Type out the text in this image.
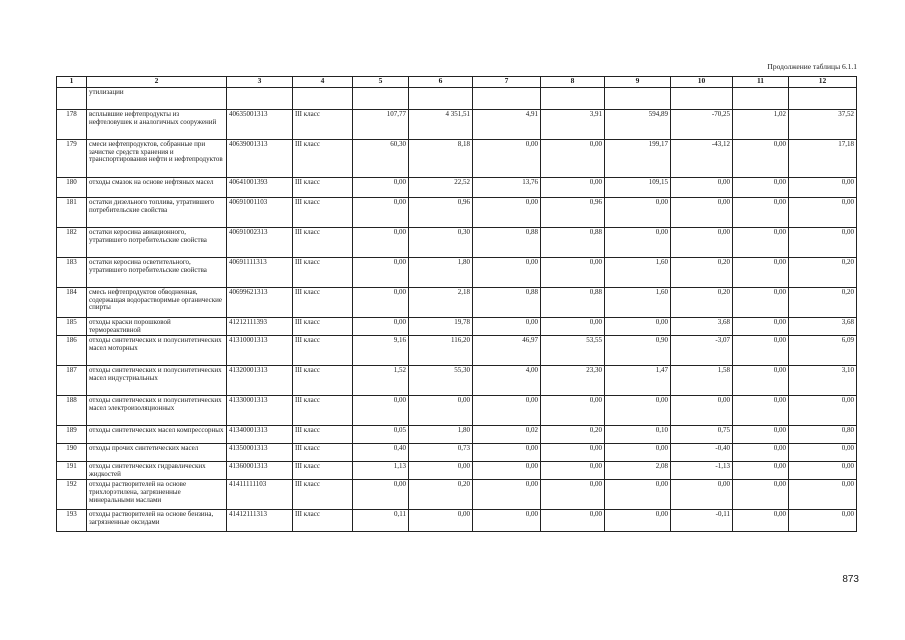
Продолжение таблицы 6.1.1
1	2	3	4	5	6	7	8	9	10	11	12
	утилизации										
178	всплывшие нефтепродукты из нефтеловушек и аналогичных сооружений	40635001313	III класс	107,77	4 351,51	4,91	3,91	594,89	-70,25	1,02	37,52
179	смеси нефтепродуктов, собранные при зачистке средств хранения и транспортирования нефти и нефтепродуктов	40639001313	III класс	60,30	8,18	0,00	0,00	199,17	-43,12	0,00	17,18
180	отходы смазок на основе нефтяных масел	40641001393	III класс	0,00	22,52	13,76	0,00	109,15	0,00	0,00	0,00
181	остатки дизельного топлива, утратившего потребительские свойства	40691001103	III класс	0,00	0,96	0,00	0,96	0,00	0,00	0,00	0,00
182	остатки керосина авиационного, утратившего потребительские свойства	40691002313	III класс	0,00	0,30	0,88	0,88	0,00	0,00	0,00	0,00
183	остатки керосина осветительного, утратившего потребительские свойства	40691111313	III класс	0,00	1,80	0,00	0,00	1,60	0,20	0,00	0,20
184	смесь нефтепродуктов обводненная, содержащая водорастворимые органические спирты	40699621313	III класс	0,00	2,18	0,88	0,88	1,60	0,20	0,00	0,20
185	отходы краски порошковой термореактивной	41212111393	III класс	0,00	19,78	0,00	0,00	0,00	3,68	0,00	3,68
186	отходы синтетических и полусинтетических масел моторных	41310001313	III класс	9,16	116,20	46,97	53,55	0,90	-3,07	0,00	6,09
187	отходы синтетических и полусинтетических масел индустриальных	41320001313	III класс	1,52	55,30	4,00	23,30	1,47	1,58	0,00	3,10
188	отходы синтетических и полусинтетических масел электроизоляционных	41330001313	III класс	0,00	0,00	0,00	0,00	0,00	0,00	0,00	0,00
189	отходы синтетических масел компрессорных	41340001313	III класс	0,05	1,80	0,02	0,20	0,10	0,75	0,00	0,80
190	отходы прочих синтетических масел	41350001313	III класс	0,40	0,73	0,00	0,00	0,00	-0,40	0,00	0,00
191	отходы синтетических гидравлических жидкостей	41360001313	III класс	1,13	0,00	0,00	0,00	2,08	-1,13	0,00	0,00
192	отходы растворителей на основе трихлорэтилена, загрязненные минеральными маслами	41411111103	III класс	0,00	0,20	0,00	0,00	0,00	0,00	0,00	0,00
193	отходы растворителей на основе бензина, загрязненные оксидами	41412111313	III класс	0,11	0,00	0,00	0,00	0,00	-0,11	0,00	0,00
873
